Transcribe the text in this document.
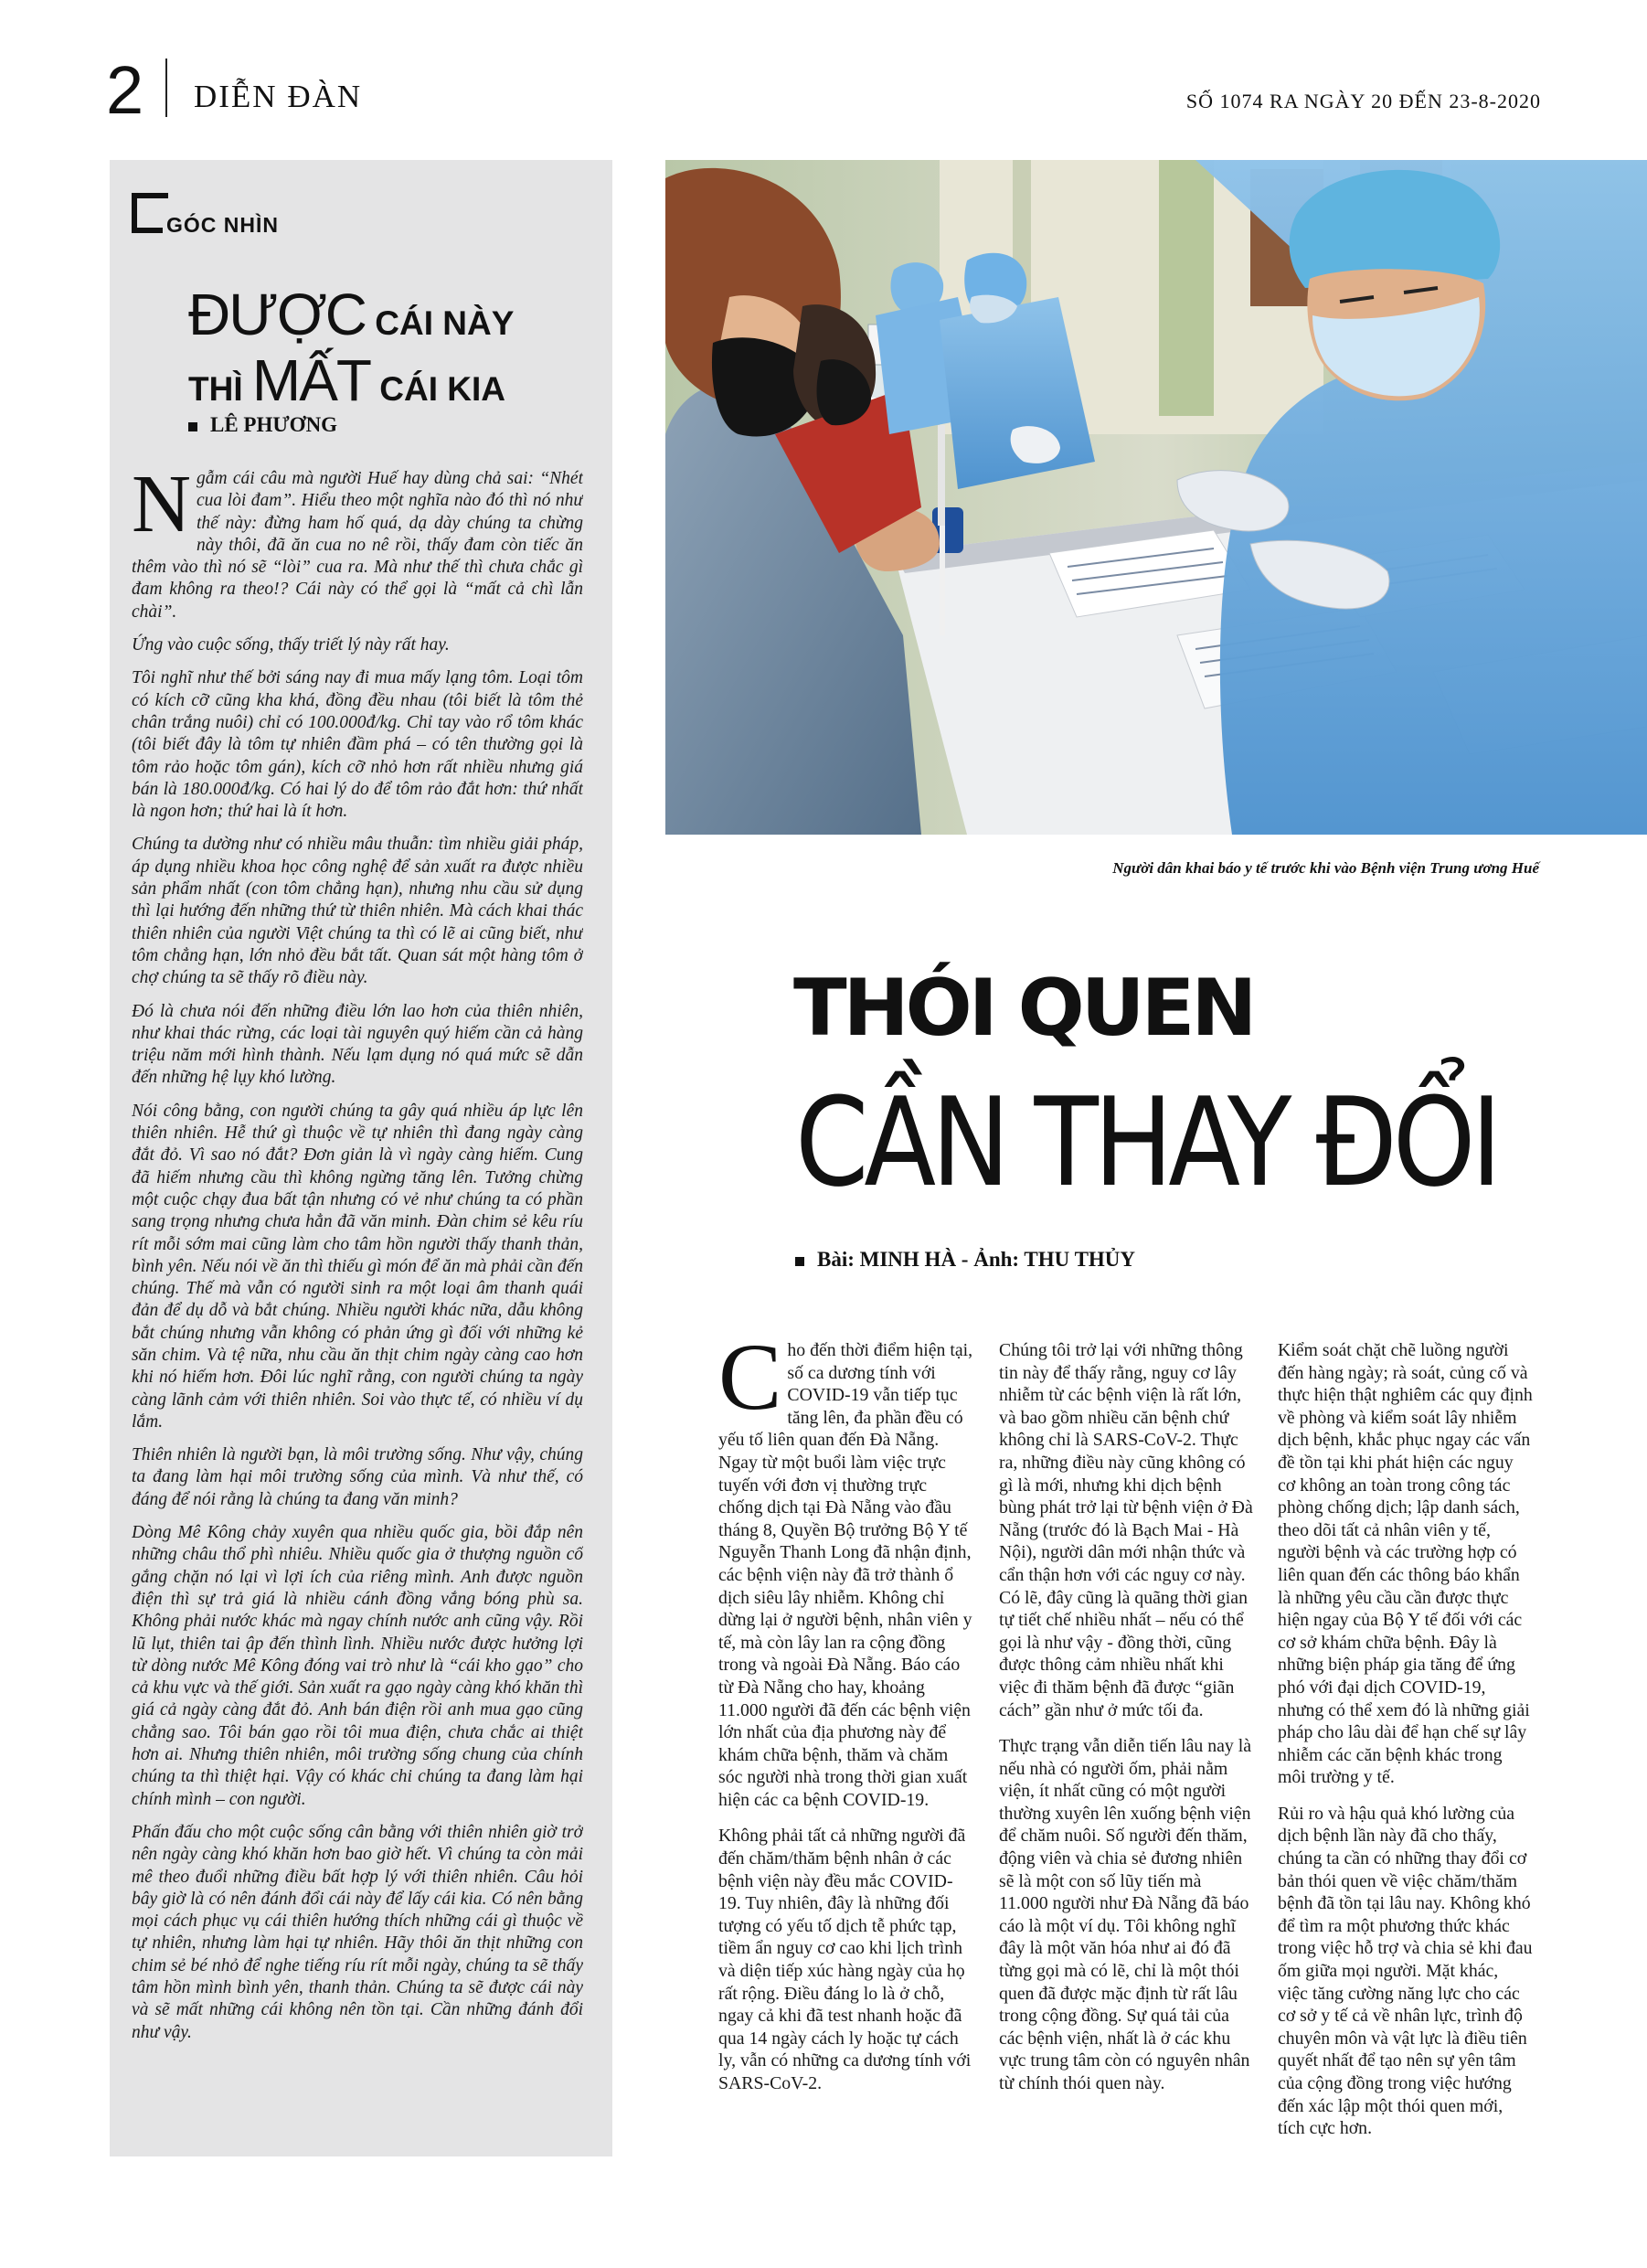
2 DIỄN ĐÀN	SỐ 1074 RA NGÀY 20 ĐẾN 23-8-2020
GÓC NHÌN
ĐƯỢC CÁI NÀY
THÌ MẤT CÁI KIA
LÊ PHƯƠNG

Ngẫm cái câu mà người Huế hay dùng chả sai: “Nhét cua lòi đam”. Hiểu theo một nghĩa nào đó thì nó như thế này: đừng ham hố quá, dạ dày chúng ta chừng này thôi, đã ăn cua no nê rồi, thấy đam còn tiếc ăn thêm vào thì nó sẽ “lòi” cua ra. Mà như thế thì chưa chắc gì đam không ra theo!? Cái này có thể gọi là “mất cả chì lẫn chài”.

Ứng vào cuộc sống, thấy triết lý này rất hay.

Tôi nghĩ như thế bởi sáng nay đi mua mấy lạng tôm. Loại tôm có kích cỡ cũng kha khá, đồng đều nhau (tôi biết là tôm thẻ chân trắng nuôi) chỉ có 100.000đ/kg. Chỉ tay vào rổ tôm khác (tôi biết đây là tôm tự nhiên đầm phá – có tên thường gọi là tôm rảo hoặc tôm gán), kích cỡ nhỏ hơn rất nhiều nhưng giá bán là 180.000đ/kg. Có hai lý do để tôm rảo đắt hơn: thứ nhất là ngon hơn; thứ hai là ít hơn.

Chúng ta dường như có nhiều mâu thuẫn: tìm nhiều giải pháp, áp dụng nhiều khoa học công nghệ để sản xuất ra được nhiều sản phẩm nhất (con tôm chẳng hạn), nhưng nhu cầu sử dụng thì lại hướng đến những thứ từ thiên nhiên. Mà cách khai thác thiên nhiên của người Việt chúng ta thì có lẽ ai cũng biết, như tôm chẳng hạn, lớn nhỏ đều bắt tất. Quan sát một hàng tôm ở chợ chúng ta sẽ thấy rõ điều này.

Đó là chưa nói đến những điều lớn lao hơn của thiên nhiên, như khai thác rừng, các loại tài nguyên quý hiếm cần cả hàng triệu năm mới hình thành. Nếu lạm dụng nó quá mức sẽ dẫn đến những hệ lụy khó lường.

Nói công bằng, con người chúng ta gây quá nhiều áp lực lên thiên nhiên. Hễ thứ gì thuộc về tự nhiên thì đang ngày càng đắt đỏ. Vì sao nó đắt? Đơn giản là vì ngày càng hiếm. Cung đã hiếm nhưng cầu thì không ngừng tăng lên. Tưởng chừng một cuộc chạy đua bất tận nhưng có vẻ như chúng ta có phần sang trọng nhưng chưa hẳn đã văn minh. Đàn chim sẻ kêu ríu rít mỗi sớm mai cũng làm cho tâm hồn người thấy thanh thản, bình yên. Nếu nói về ăn thì thiếu gì món để ăn mà phải cần đến chúng. Thế mà vẫn có người sinh ra một loại âm thanh quái đản để dụ dỗ và bắt chúng. Nhiều người khác nữa, dẫu không bắt chúng nhưng vẫn không có phản ứng gì đối với những kẻ săn chim. Và tệ nữa, nhu cầu ăn thịt chim ngày càng cao hơn khi nó hiếm hơn. Đôi lúc nghĩ rằng, con người chúng ta ngày càng lãnh cảm với thiên nhiên. Soi vào thực tế, có nhiều ví dụ lắm.

Thiên nhiên là người bạn, là môi trường sống. Như vậy, chúng ta đang làm hại môi trường sống của mình. Và như thế, có đáng để nói rằng là chúng ta đang văn minh?

Dòng Mê Kông chảy xuyên qua nhiều quốc gia, bồi đắp nên những châu thổ phì nhiêu. Nhiều quốc gia ở thượng nguồn cố gắng chặn nó lại vì lợi ích của riêng mình. Anh được nguồn điện thì sự trả giá là nhiều cánh đồng vắng bóng phù sa. Không phải nước khác mà ngay chính nước anh cũng vậy. Rồi lũ lụt, thiên tai ập đến thình lình. Nhiều nước được hưởng lợi từ dòng nước Mê Kông đóng vai trò như là “cái kho gạo” cho cả khu vực và thế giới. Sản xuất ra gạo ngày càng khó khăn thì giá cả ngày càng đắt đỏ. Anh bán điện rồi anh mua gạo cũng chẳng sao. Tôi bán gạo rồi tôi mua điện, chưa chắc ai thiệt hơn ai. Nhưng thiên nhiên, môi trường sống chung của chính chúng ta thì thiệt hại. Vậy có khác chi chúng ta đang làm hại chính mình – con người.

Phấn đấu cho một cuộc sống cân bằng với thiên nhiên giờ trở nên ngày càng khó khăn hơn bao giờ hết. Vì chúng ta còn mải mê theo đuổi những điều bất hợp lý với thiên nhiên. Câu hỏi bây giờ là có nên đánh đổi cái này để lấy cái kia. Có nên bằng mọi cách phục vụ cái thiên hướng thích những cái gì thuộc về tự nhiên, nhưng làm hại tự nhiên. Hãy thôi ăn thịt những con chim sẻ bé nhỏ để nghe tiếng ríu rít mỗi ngày, chúng ta sẽ thấy tâm hồn mình bình yên, thanh thản. Chúng ta sẽ được cái này và sẽ mất những cái không nên tồn tại. Cần những đánh đổi như vậy.

Người dân khai báo y tế trước khi vào Bệnh viện Trung ương Huế
THÓI QUEN
CẦN THAY ĐỔI
Bài: MINH HÀ - Ảnh: THU THỦY

Cho đến thời điểm hiện tại, số ca dương tính với COVID-19 vẫn tiếp tục tăng lên, đa phần đều có yếu tố liên quan đến Đà Nẵng. Ngay từ một buổi làm việc trực tuyến với đơn vị thường trực chống dịch tại Đà Nẵng vào đầu tháng 8, Quyền Bộ trưởng Bộ Y tế Nguyễn Thanh Long đã nhận định, các bệnh viện này đã trở thành ổ dịch siêu lây nhiễm. Không chỉ dừng lại ở người bệnh, nhân viên y tế, mà còn lây lan ra cộng đồng trong và ngoài Đà Nẵng. Báo cáo từ Đà Nẵng cho hay, khoảng 11.000 người đã đến các bệnh viện lớn nhất của địa phương này để khám chữa bệnh, thăm và chăm sóc người nhà trong thời gian xuất hiện các ca bệnh COVID-19.

Không phải tất cả những người đã đến chăm/thăm bệnh nhân ở các bệnh viện này đều mắc COVID-19. Tuy nhiên, đây là những đối tượng có yếu tố dịch tễ phức tạp, tiềm ẩn nguy cơ cao khi lịch trình và diện tiếp xúc hàng ngày của họ rất rộng. Điều đáng lo là ở chỗ, ngay cả khi đã test nhanh hoặc đã qua 14 ngày cách ly hoặc tự cách ly, vẫn có những ca dương tính với SARS-CoV-2.

Chúng tôi trở lại với những thông tin này để thấy rằng, nguy cơ lây nhiễm từ các bệnh viện là rất lớn, và bao gồm nhiều căn bệnh chứ không chỉ là SARS-CoV-2. Thực ra, những điều này cũng không có gì là mới, nhưng khi dịch bệnh bùng phát trở lại từ bệnh viện ở Đà Nẵng (trước đó là Bạch Mai - Hà Nội), người dân mới nhận thức và cẩn thận hơn với các nguy cơ này. Có lẽ, đây cũng là quãng thời gian tự tiết chế nhiều nhất – nếu có thể gọi là như vậy - đồng thời, cũng được thông cảm nhiều nhất khi việc đi thăm bệnh đã được “giãn cách” gần như ở mức tối đa.

Thực trạng vẫn diễn tiến lâu nay là nếu nhà có người ốm, phải nằm viện, ít nhất cũng có một người thường xuyên lên xuống bệnh viện để chăm nuôi. Số người đến thăm, động viên và chia sẻ đương nhiên sẽ là một con số lũy tiến mà 11.000 người như Đà Nẵng đã báo cáo là một ví dụ. Tôi không nghĩ đây là một văn hóa như ai đó đã từng gọi mà có lẽ, chỉ là một thói quen đã được mặc định từ rất lâu trong cộng đồng. Sự quá tải của các bệnh viện, nhất là ở các khu vực trung tâm còn có nguyên nhân từ chính thói quen này.

Kiểm soát chặt chẽ luồng người đến hàng ngày; rà soát, củng cố và thực hiện thật nghiêm các quy định về phòng và kiểm soát lây nhiễm dịch bệnh, khắc phục ngay các vấn đề tồn tại khi phát hiện các nguy cơ không an toàn trong công tác phòng chống dịch; lập danh sách, theo dõi tất cả nhân viên y tế, người bệnh và các trường hợp có liên quan đến các thông báo khẩn là những yêu cầu cần được thực hiện ngay của Bộ Y tế đối với các cơ sở khám chữa bệnh. Đây là những biện pháp gia tăng để ứng phó với đại dịch COVID-19, nhưng có thể xem đó là những giải pháp cho lâu dài để hạn chế sự lây nhiễm các căn bệnh khác trong môi trường y tế.

Rủi ro và hậu quả khó lường của dịch bệnh lần này đã cho thấy, chúng ta cần có những thay đổi cơ bản thói quen về việc chăm/thăm bệnh đã tồn tại lâu nay. Không khó để tìm ra một phương thức khác trong việc hỗ trợ và chia sẻ khi đau ốm giữa mọi người. Mặt khác, việc tăng cường năng lực cho các cơ sở y tế cả về nhân lực, trình độ chuyên môn và vật lực là điều tiên quyết nhất để tạo nên sự yên tâm của cộng đồng trong việc hướng đến xác lập một thói quen mới, tích cực hơn.
